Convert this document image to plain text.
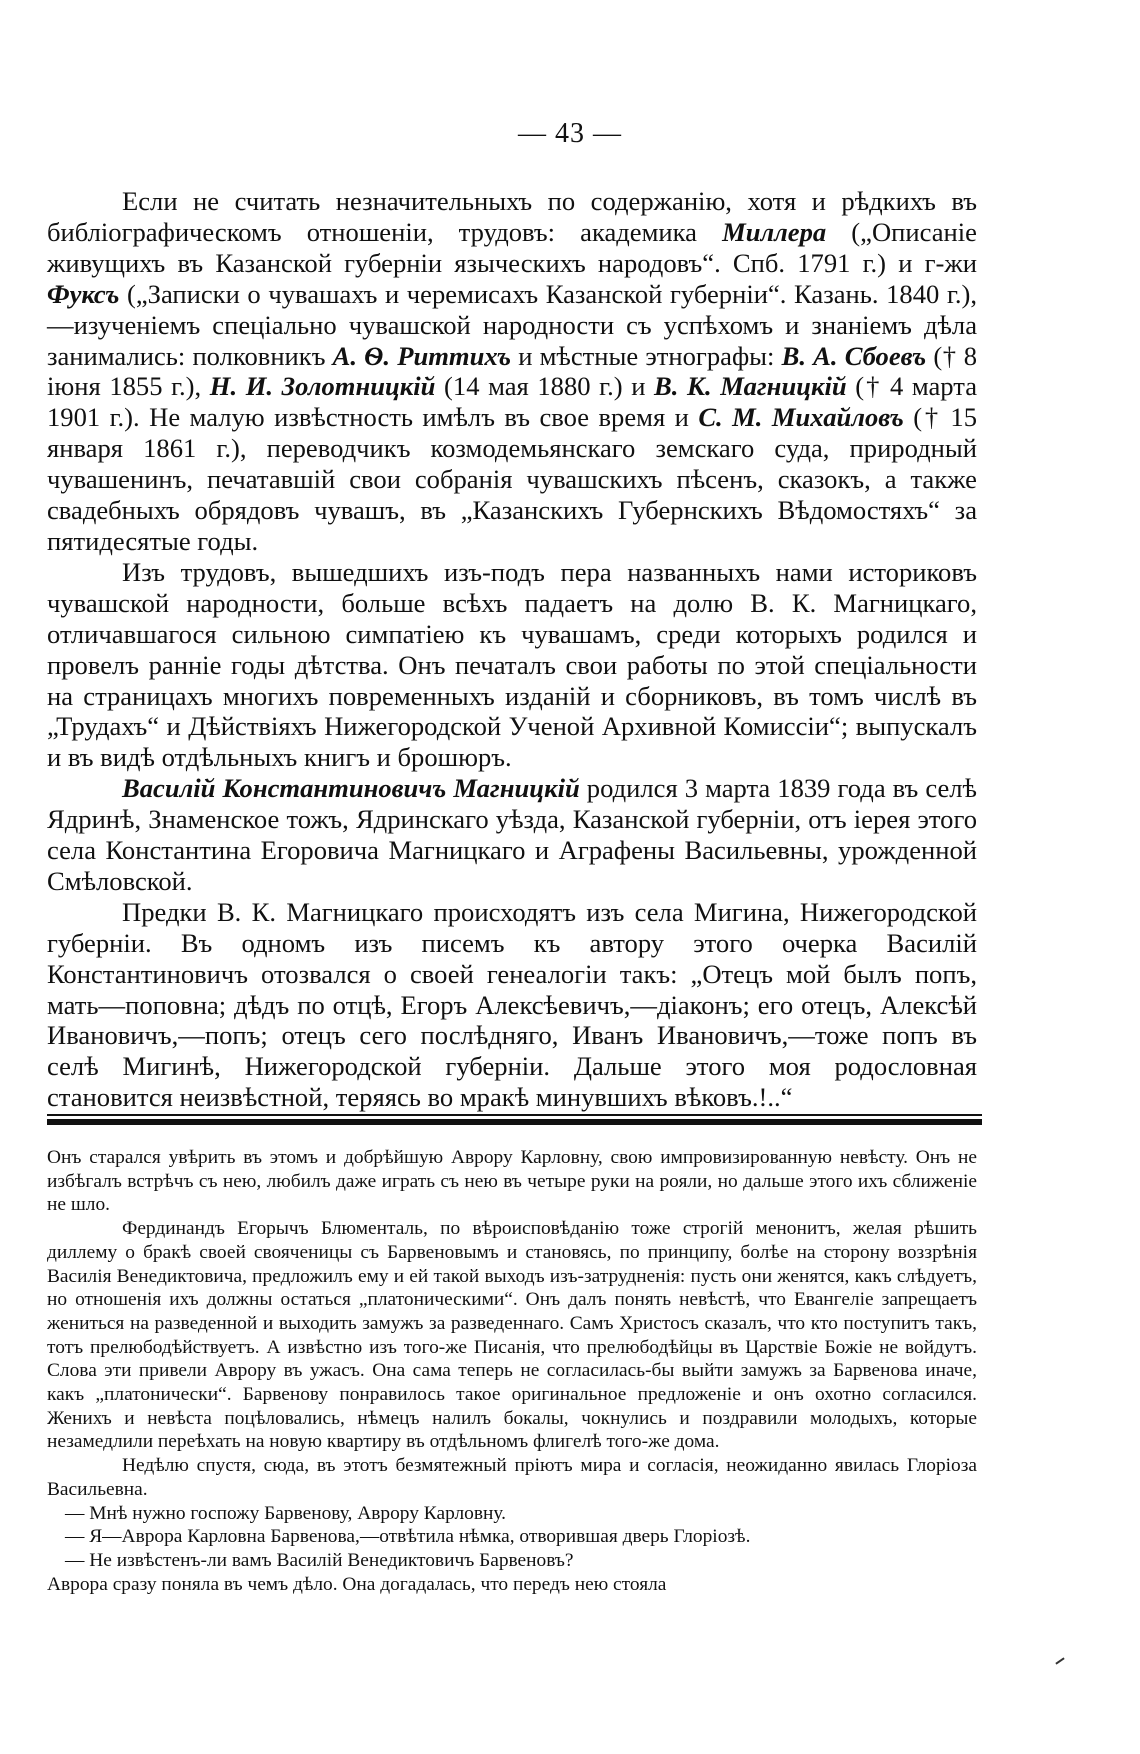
— 43 —

Если не считать незначительныхъ по содержанію, хотя и рѣдкихъ въ библіографическомъ отношеніи, трудовъ: академика Миллера („Описаніе живущихъ въ Казанской губерніи языческихъ народовъ“. Спб. 1791 г.) и г-жи Фуксъ („Записки о чувашахъ и черемисахъ Казанской губерніи“. Казань. 1840 г.),—изученіемъ спеціально чувашской народности съ успѣхомъ и знаніемъ дѣла занимались: полковникъ А. Ѳ. Риттихъ и мѣстные этнографы: В. А. Сбоевъ († 8 іюня 1855 г.), Н. И. Золотницкій (14 мая 1880 г.) и В. К. Магницкій († 4 марта 1901 г.). Не малую извѣстность имѣлъ въ свое время и С. М. Михайловъ († 15 января 1861 г.), переводчикъ козмодемьянскаго земскаго суда, природный чувашенинъ, печатавшій свои собранія чувашскихъ пѣсенъ, сказокъ, а также свадебныхъ обрядовъ чувашъ, въ „Казанскихъ Губернскихъ Вѣдомостяхъ“ за пятидесятые годы.

Изъ трудовъ, вышедшихъ изъ-подъ пера названныхъ нами историковъ чувашской народности, больше всѣхъ падаетъ на долю В. К. Магницкаго, отличавшагося сильною симпатіею къ чувашамъ, среди которыхъ родился и провелъ ранніе годы дѣтства. Онъ печаталъ свои работы по этой спеціальности на страницахъ многихъ повременныхъ изданій и сборниковъ, въ томъ числѣ въ „Трудахъ“ и Дѣйствіяхъ Нижегородской Ученой Архивной Комиссіи“; выпускалъ и въ видѣ отдѣльныхъ книгъ и брошюръ.

Василій Константиновичъ Магницкій родился 3 марта 1839 года въ селѣ Ядринѣ, Знаменское тожъ, Ядринскаго уѣзда, Казанской губерніи, отъ іерея этого села Константина Егоровича Магницкаго и Аграфены Васильевны, урожденной Смѣловской.

Предки В. К. Магницкаго происходятъ изъ села Мигина, Нижегородской губерніи. Въ одномъ изъ писемъ къ автору этого очерка Василій Константиновичъ отозвался о своей генеалогіи такъ: „Отецъ мой былъ попъ, мать—поповна; дѣдъ по отцѣ, Егоръ Алексѣевичъ,—діаконъ; его отецъ, Алексѣй Ивановичъ,—попъ; отецъ сего послѣдняго, Иванъ Ивановичъ,—тоже попъ въ селѣ Мигинѣ, Нижегородской губерніи. Дальше этого моя родословная становится неизвѣстной, теряясь во мракѣ минувшихъ вѣковъ.!..“

Онъ старался увѣрить въ этомъ и добрѣйшую Аврору Карловну, свою импровизированную невѣсту. Онъ не избѣгалъ встрѣчъ съ нею, любилъ даже играть съ нею въ четыре руки на рояли, но дальше этого ихъ сближеніе не шло.

Фердинандъ Егорычъ Блюменталь, по вѣроисповѣданію тоже строгій менонитъ, желая рѣшить диллему о бракѣ своей свояченицы съ Барвеновымъ и становясь, по принципу, болѣе на сторону воззрѣнія Василія Венедиктовича, предложилъ ему и ей такой выходъ изъ-затрудненія: пусть они женятся, какъ слѣдуетъ, но отношенія ихъ должны остаться „платоническими“. Онъ далъ понять невѣстѣ, что Евангеліе запрещаетъ жениться на разведенной и выходить замужъ за разведеннаго. Самъ Христосъ сказалъ, что кто поступитъ такъ, тотъ прелюбодѣйствуетъ. А извѣстно изъ того-же Писанія, что прелюбодѣйцы въ Царствіе Божіе не войдутъ. Слова эти привели Аврору въ ужасъ. Она сама теперь не согласилась-бы выйти замужъ за Барвенова иначе, какъ „платонически“. Барвенову понравилось такое оригинальное предложеніе и онъ охотно согласился. Женихъ и невѣста поцѣловались, нѣмецъ налилъ бокалы, чокнулись и поздравили молодыхъ, которые незамедлили переѣхать на новую квартиру въ отдѣльномъ флигелѣ того-же дома.

Недѣлю спустя, сюда, въ этотъ безмятежный пріютъ мира и согласія, неожиданно явилась Глоріоза Васильевна.

— Мнѣ нужно госпожу Барвенову, Аврору Карловну.

— Я—Аврора Карловна Барвенова,—отвѣтила нѣмка, отворившая дверь Глоріозѣ.

— Не извѣстенъ-ли вамъ Василій Венедиктовичъ Барвеновъ?

Аврора сразу поняла въ чемъ дѣло. Она догадалась, что передъ нею стояла
